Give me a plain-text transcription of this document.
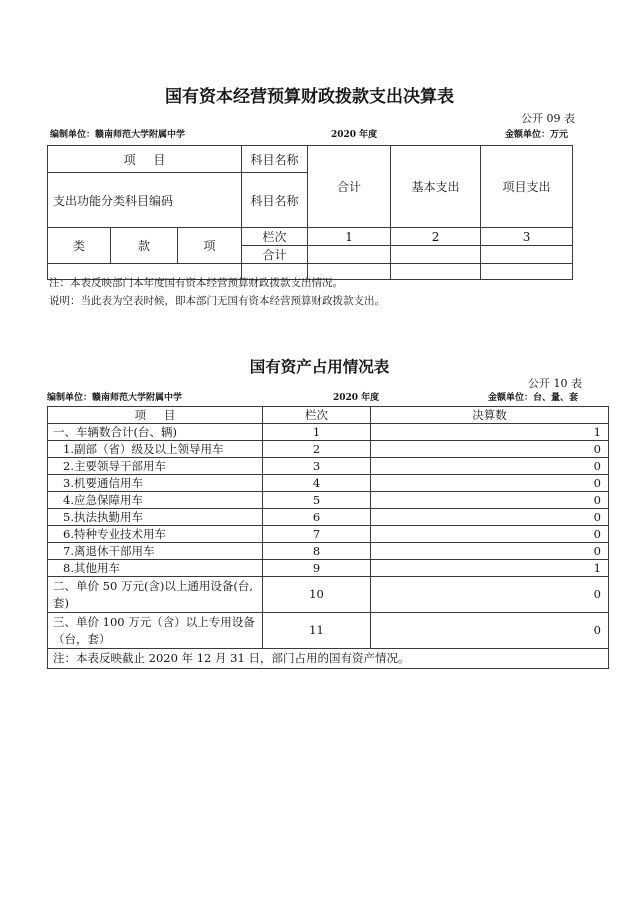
国有资本经营预算财政拨款支出决算表
公开 09 表
编制单位：赣南师范大学附属中学	2020 年度	金额单位：万元
项 目			科目名称	合计	基本支出	项目支出
支出功能分类科目编码			科目名称			
类	款	项	栏次	1	2	3
			合计			

注：本表反映部门本年度国有资本经营预算财政拨款支出情况。
说明：当此表为空表时候，即本部门无国有资本经营预算财政拨款支出。
国有资产占用情况表
公开 10 表
编制单位：赣南师范大学附属中学	2020 年度	金额单位：台、量、套
项 目	栏次	决算数
一、车辆数合计(台、辆)	1	1
1.副部（省）级及以上领导用车	2	0
2.主要领导干部用车	3	0
3.机要通信用车	4	0
4.应急保障用车	5	0
5.执法执勤用车	6	0
6.特种专业技术用车	7	0
7.离退休干部用车	8	0
8.其他用车	9	1
二、单价 50 万元(含)以上通用设备(台,套)	10	0
三、单价 100 万元（含）以上专用设备（台，套）	11	0
注：本表反映截止 2020 年 12 月 31 日，部门占用的国有资产情况。		
